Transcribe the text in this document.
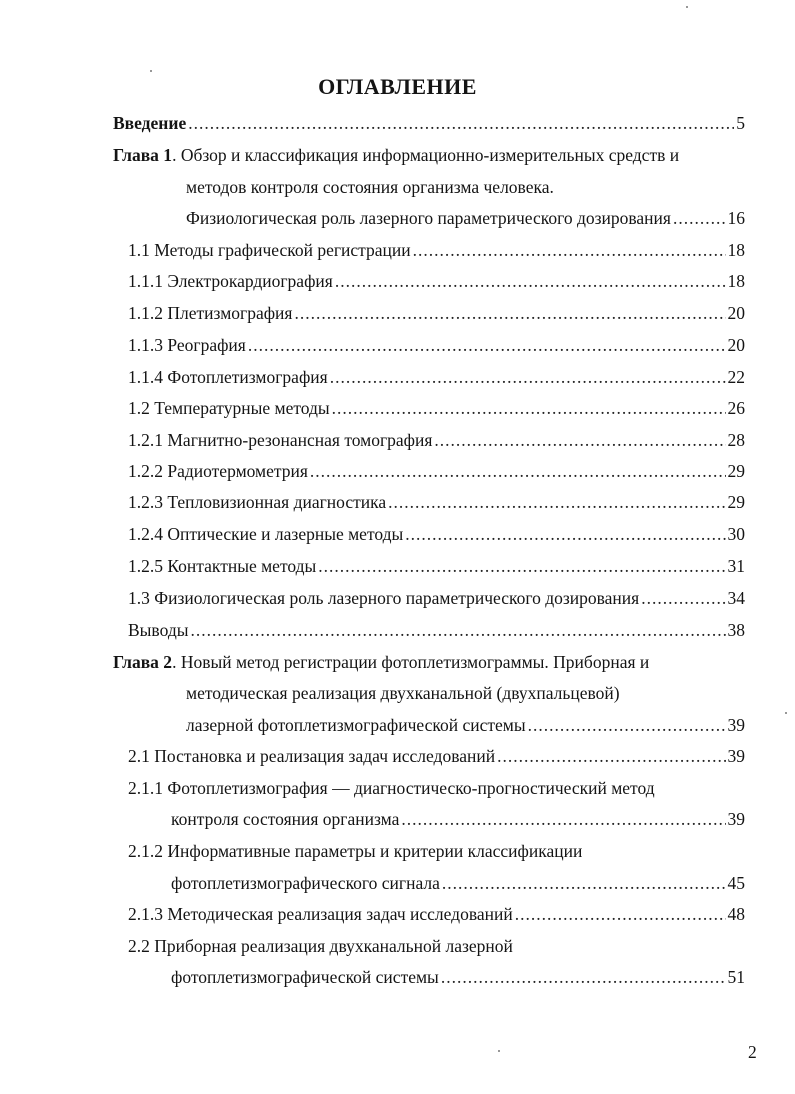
ОГЛАВЛЕНИЕ
Введение .....	5
Глава 1. Обзор и классификация информационно-измерительных средств и
методов контроля состояния организма человека.
Физиологическая роль лазерного параметрического дозирования .....	16
1.1 Методы графической регистрации .....	18
1.1.1 Электрокардиография .....	18
1.1.2 Плетизмография .....	20
1.1.3 Реография .....	20
1.1.4 Фотоплетизмография .....	22
1.2 Температурные методы .....	26
1.2.1 Магнитно-резонансная томография .....	28
1.2.2 Радиотермометрия .....	29
1.2.3 Тепловизионная диагностика .....	29
1.2.4 Оптические и лазерные методы .....	30
1.2.5 Контактные методы .....	31
1.3 Физиологическая роль лазерного параметрического дозирования .....	34
Выводы .....	38
Глава 2. Новый метод регистрации фотоплетизмограммы. Приборная и
методическая реализация двухканальной (двухпальцевой)
лазерной фотоплетизмографической системы .....	39
2.1 Постановка и реализация задач исследований .....	39
2.1.1 Фотоплетизмография — диагностическо-прогностический метод
контроля состояния организма .....	39
2.1.2 Информативные параметры и критерии классификации
фотоплетизмографического сигнала .....	45
2.1.3 Методическая реализация задач исследований .....	48
2.2 Приборная реализация двухканальной лазерной
фотоплетизмографической системы .....	51
2
